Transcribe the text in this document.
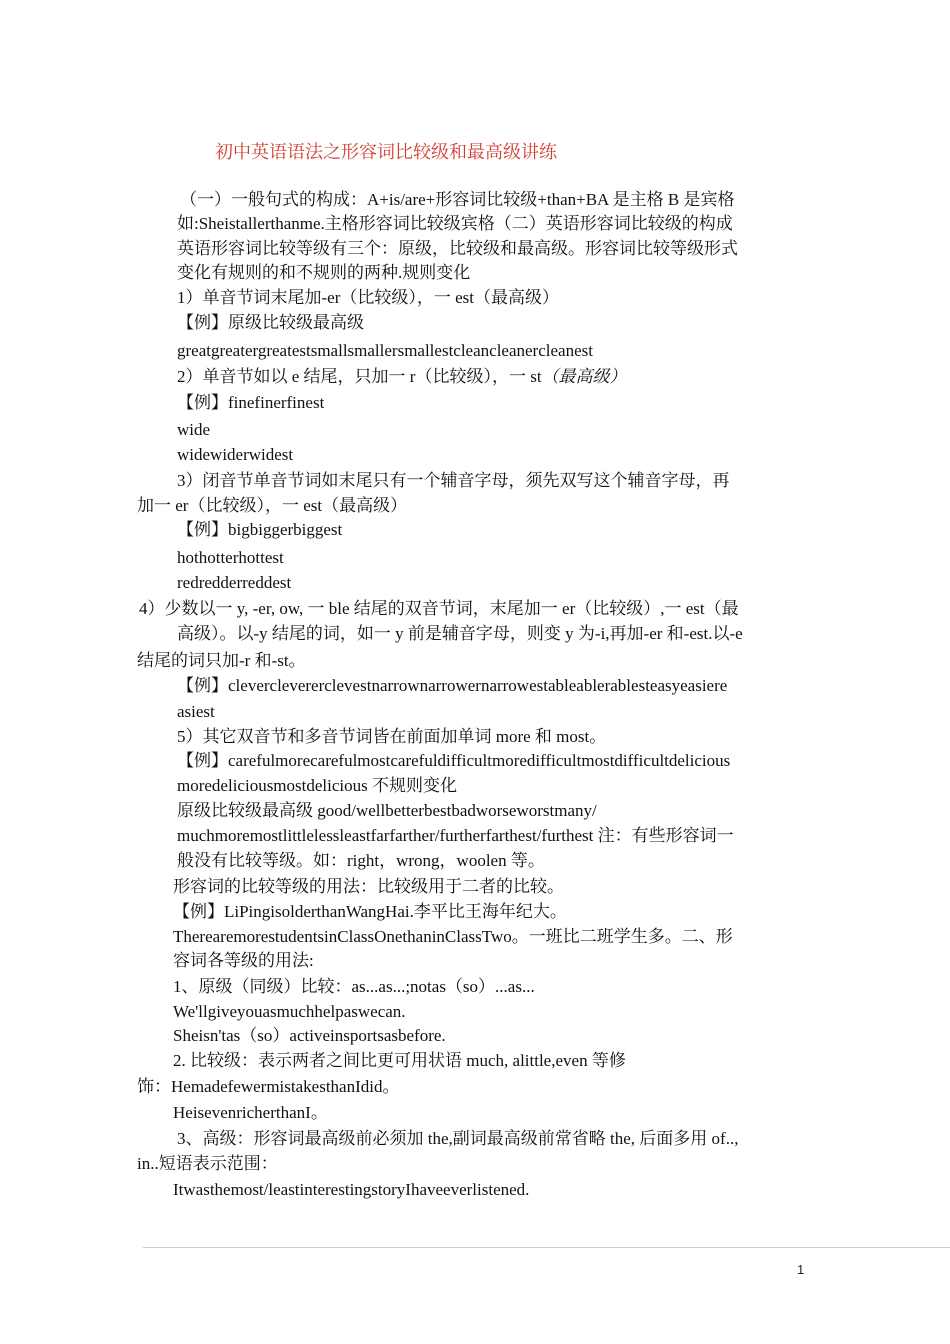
初中英语语法之形容词比较级和最高级讲练
（一）一般句式的构成：A+is/are+形容词比较级+than+BA 是主格 B 是宾格
如:Sheistallerthanme.主格形容词比较级宾格（二）英语形容词比较级的构成
英语形容词比较等级有三个：原级，比较级和最高级。形容词比较等级形式
变化有规则的和不规则的两种.规则变化
1）单音节词末尾加-er（比较级），一 est（最高级）
【例】原级比较级最高级
greatgreatergreatestsmallsmallersmallestcleancleanercleanest
2）单音节如以 e 结尾，只加一 r（比较级），一 st（最高级）
【例】finefinerfinest
wide
widewiderwidest
3）闭音节单音节词如末尾只有一个辅音字母，须先双写这个辅音字母，再
加一 er（比较级），一 est（最高级）
【例】bigbiggerbiggest
hothotterhottest
redredderreddest
4）少数以一 y, -er, ow, 一 ble 结尾的双音节词，末尾加一 er（比较级）,一 est（最
高级）。以-y 结尾的词，如一 y 前是辅音字母，则变 y 为-i,再加-er 和-est.以-e
结尾的词只加-r 和-st。
【例】cleverclevererclevestnarrownarrowernarrowestableablerablesteasyeasiere
asiest
5）其它双音节和多音节词皆在前面加单词 more 和 most。
【例】carefulmorecarefulmostcarefuldifficultmoredifficultmostdifficultdelicious
moredeliciousmostdelicious 不规则变化
原级比较级最高级 good/wellbetterbestbadworseworstmany/
muchmoremostlittlelessleastfarfarther/furtherfarthest/furthest 注：有些形容词一
般没有比较等级。如：right，wrong，woolen 等。
形容词的比较等级的用法：比较级用于二者的比较。
【例】LiPingisolderthanWangHai.李平比王海年纪大。
TherearemorestudentsinClassOnethaninClassTwo。一班比二班学生多。二、形
容词各等级的用法:
1、原级（同级）比较：as...as...;notas（so）...as...
We'llgiveyouasmuchhelpaswecan.
Sheisn'tas（so）activeinsportsasbefore.
2. 比较级：表示两者之间比更可用状语 much, alittle,even 等修
饰：HemadefewermistakesthanIdid。
HeisevenricherthanI。
3、高级：形容词最高级前必须加 the,副词最高级前常省略 the, 后面多用 of..,
in..短语表示范围：
Itwasthemost/leastinterestingstoryIhaveeverlistened.
1
